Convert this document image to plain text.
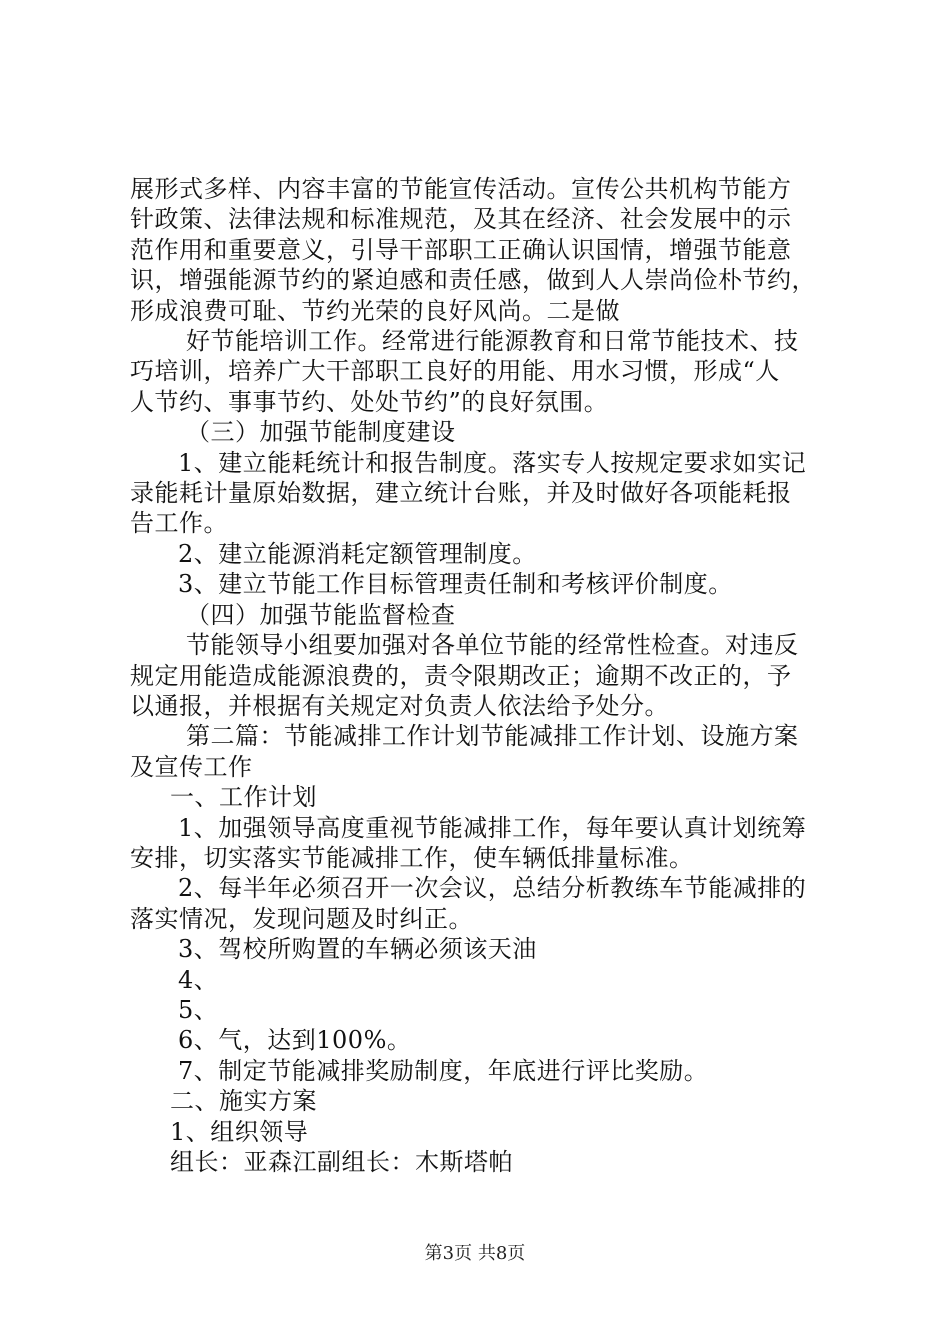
展形式多样、内容丰富的节能宣传活动。宣传公共机构节能方

针政策、法律法规和标准规范，及其在经济、社会发展中的示

范作用和重要意义，引导干部职工正确认识国情，增强节能意

识，增强能源节约的紧迫感和责任感，做到人人崇尚俭朴节约，

形成浪费可耻、节约光荣的良好风尚。二是做

好节能培训工作。经常进行能源教育和日常节能技术、技

巧培训，培养广大干部职工良好的用能、用水习惯，形成“人

人节约、事事节约、处处节约”的良好氛围。

（三）加强节能制度建设

1、建立能耗统计和报告制度。落实专人按规定要求如实记

录能耗计量原始数据，建立统计台账，并及时做好各项能耗报

告工作。

2、建立能源消耗定额管理制度。

3、建立节能工作目标管理责任制和考核评价制度。

（四）加强节能监督检查

节能领导小组要加强对各单位节能的经常性检查。对违反

规定用能造成能源浪费的，责令限期改正；逾期不改正的，予

以通报，并根据有关规定对负责人依法给予处分。

第二篇：节能减排工作计划节能减排工作计划、设施方案

及宣传工作

一、工作计划

1、加强领导高度重视节能减排工作，每年要认真计划统筹

安排，切实落实节能减排工作，使车辆低排量标准。

2、每半年必须召开一次会议，总结分析教练车节能减排的

落实情况，发现问题及时纠正。

3、驾校所购置的车辆必须该天油

4、

5、

6、气，达到100%。

7、制定节能减排奖励制度，年底进行评比奖励。

二、施实方案

1、组织领导

组长：亚森江副组长：木斯塔帕

第3页 共8页
